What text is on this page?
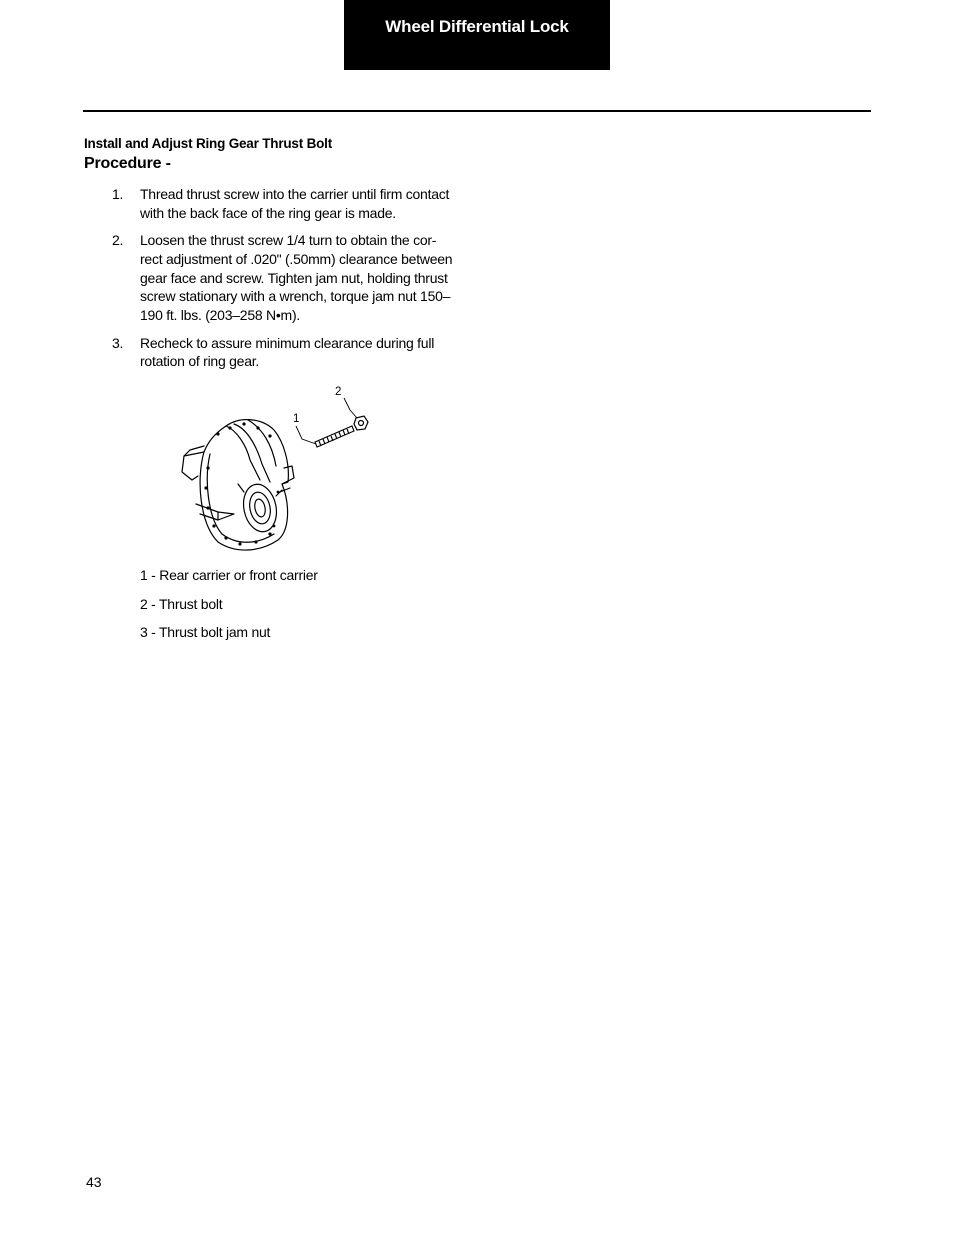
Wheel Differential Lock
Install and Adjust Ring Gear Thrust Bolt
Procedure -
1. Thread thrust screw into the carrier until firm contact
with the back face of the ring gear is made.
2. Loosen the thrust screw 1/4 turn to obtain the cor-
rect adjustment of .020" (.50mm) clearance between
gear face and screw. Tighten jam nut, holding thrust
screw stationary with a wrench, torque jam nut 150–
190 ft. lbs. (203–258 N•m).
3. Recheck to assure minimum clearance during full
rotation of ring gear.
1
2
1 - Rear carrier or front carrier
2 - Thrust bolt
3 - Thrust bolt jam nut
43
